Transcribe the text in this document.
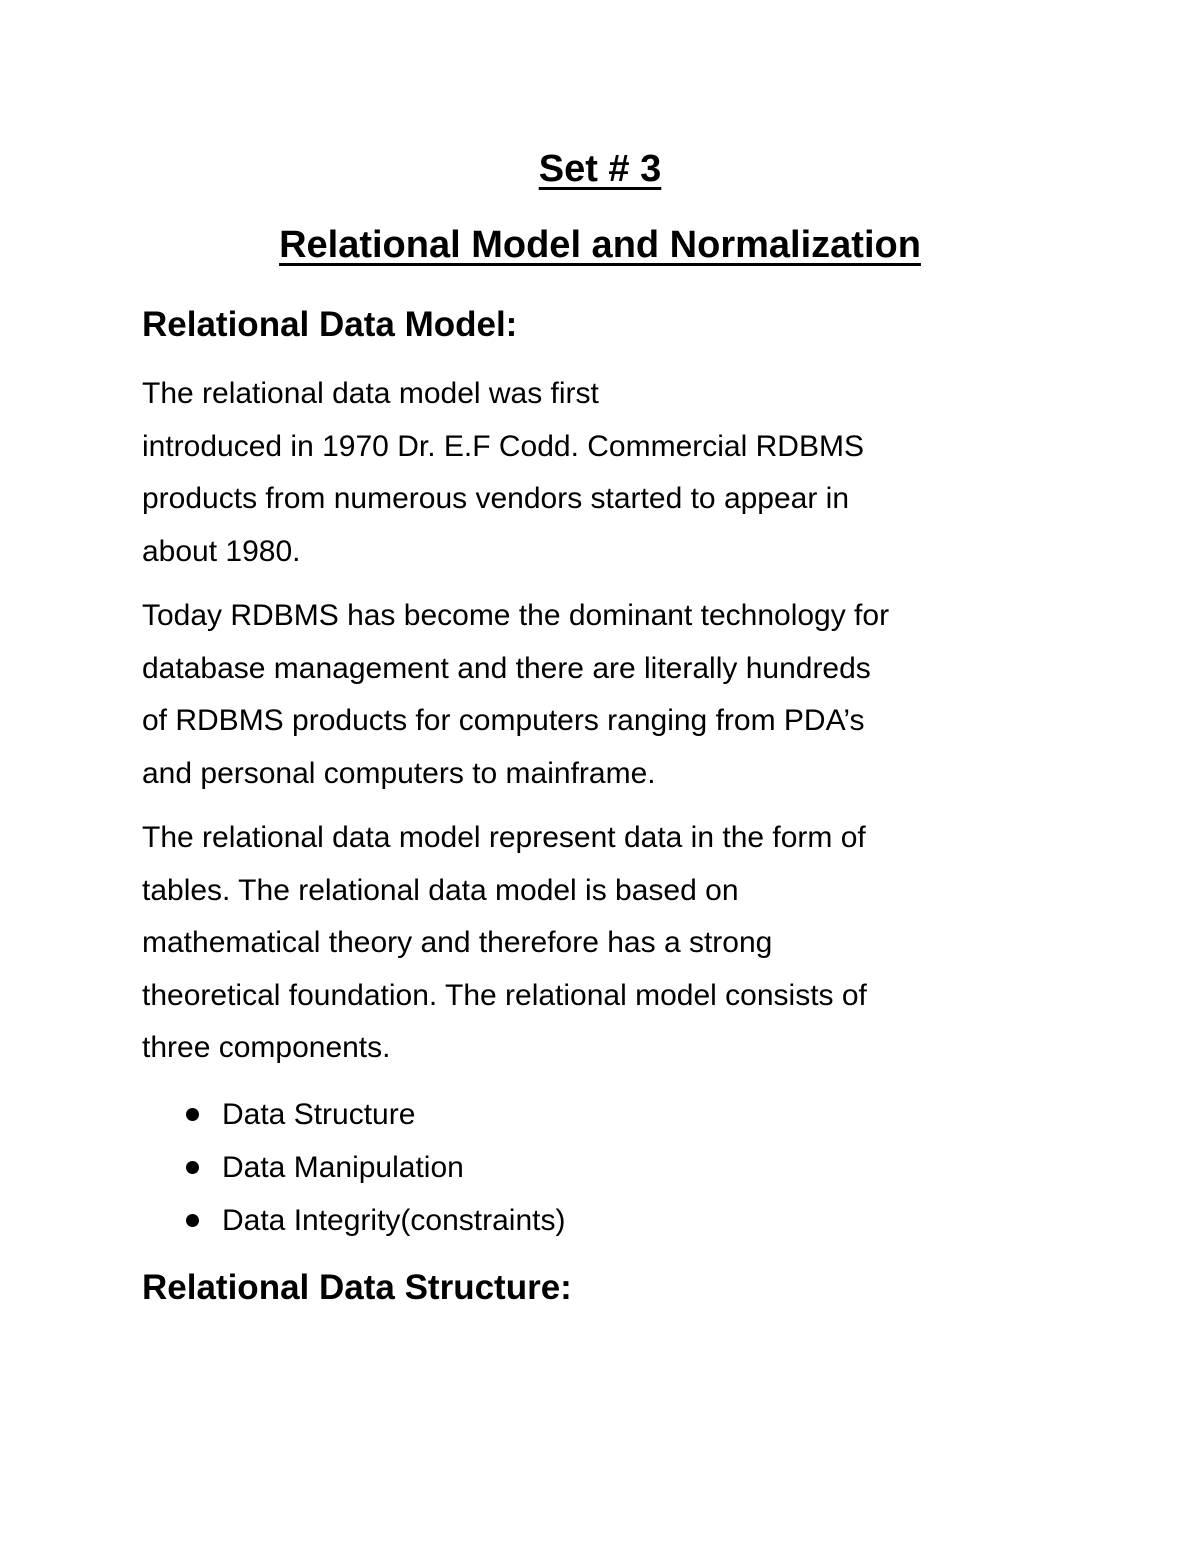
Set # 3
Relational Model and Normalization
Relational Data Model:

The relational data model was first
introduced in 1970 Dr. E.F Codd. Commercial RDBMS
products from numerous vendors started to appear in
about 1980.

Today RDBMS has become the dominant technology for
database management and there are literally hundreds
of RDBMS products for computers ranging from PDA’s
and personal computers to mainframe.

The relational data model represent data in the form of
tables. The relational data model is based on
mathematical theory and therefore has a strong
theoretical foundation. The relational model consists of
three components.

Data Structure
Data Manipulation
Data Integrity(constraints)
Relational Data Structure:
